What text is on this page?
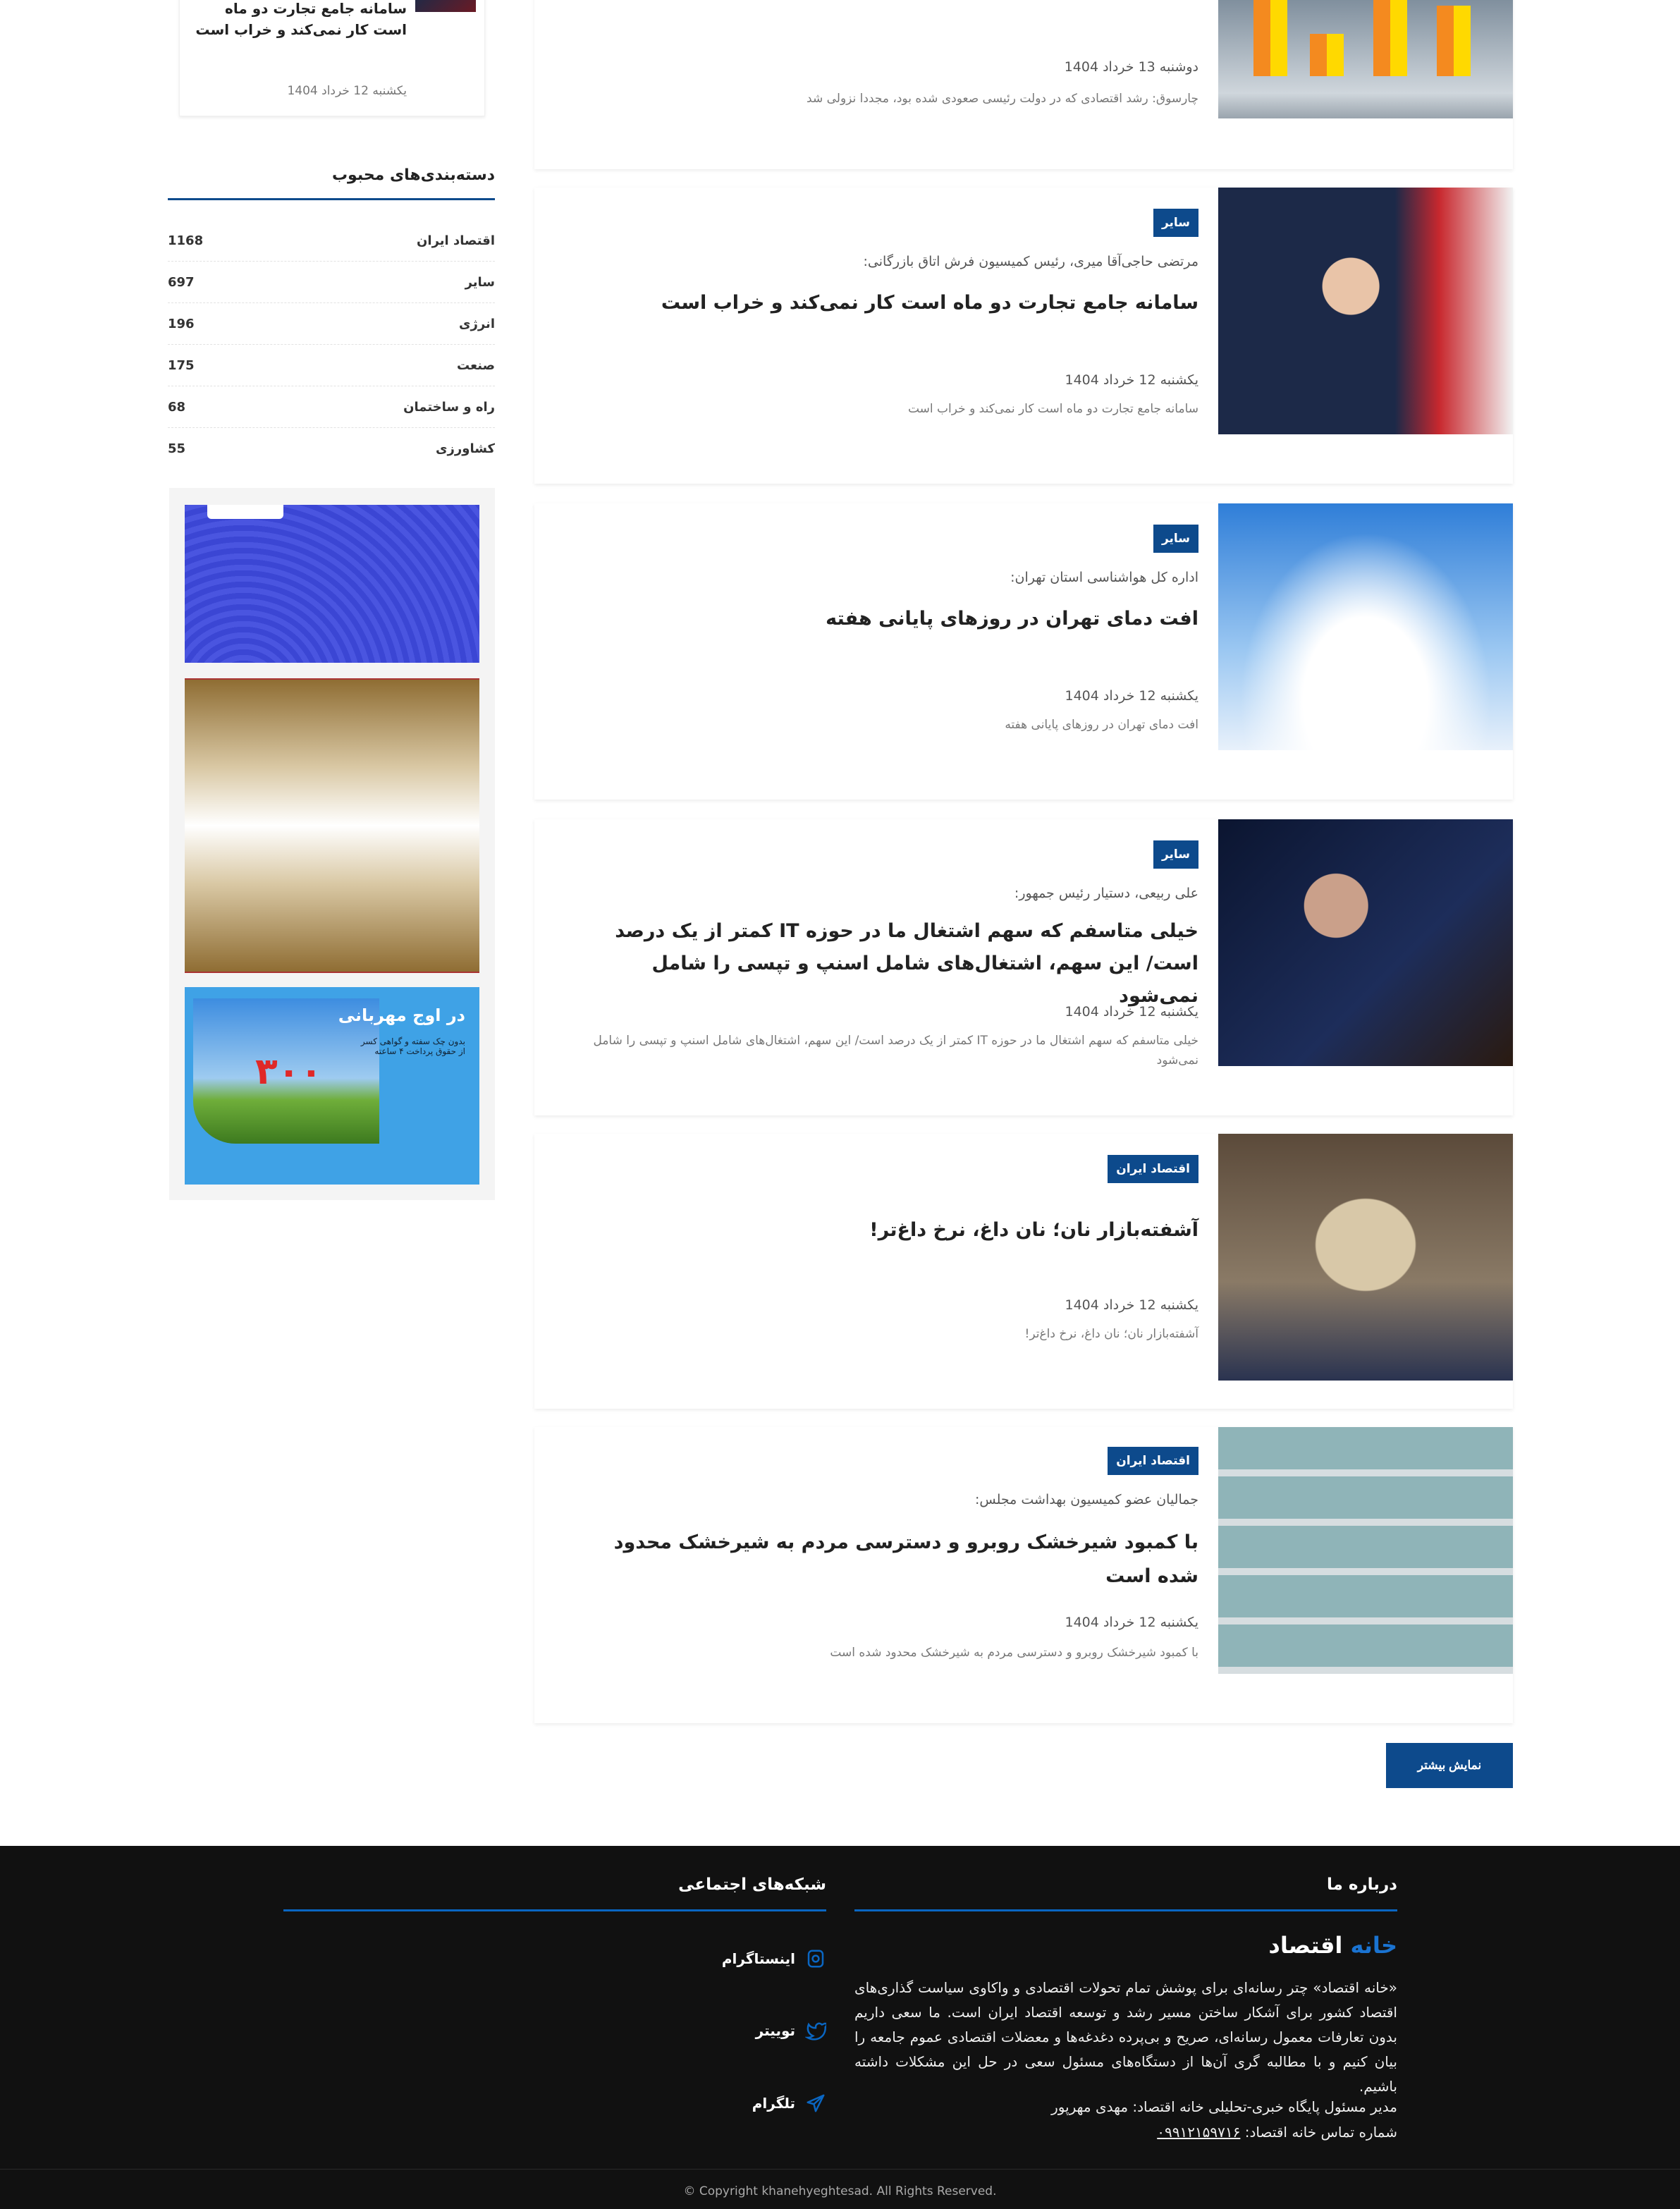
سامانه جامع تجارت دو ماه است کار نمی‌کند و خراب است
یکشنبه 12 خرداد 1404
دسته‌بندی‌های محبوب
اقتصاد ایران
1168
سایر
697
انرژی
196
صنعت
175
راه و ساختمان
68
کشاورزی
55
۳۰۰
در اوج مهربانی
بدون چک سفته و گواهی کسر از حقوق پرداخت ۴ ساعته
دوشنبه 13 خرداد 1404
چارسوق: رشد اقتصادی که در دولت رئیسی صعودی شده بود، مجددا نزولی شد
سایر
مرتضی حاجی‌آقا میری، رئیس کمیسیون فرش اتاق بازرگانی:
سامانه جامع تجارت دو ماه است کار نمی‌کند و خراب است
یکشنبه 12 خرداد 1404
سامانه جامع تجارت دو ماه است کار نمی‌کند و خراب است
سایر
اداره کل هواشناسی استان تهران:
افت دمای تهران در روزهای پایانی هفته
یکشنبه 12 خرداد 1404
افت دمای تهران در روزهای پایانی هفته
سایر
علی ربیعی، دستیار رئیس جمهور:
خیلی متاسفم که سهم اشتغال ما در حوزه IT کمتر از یک درصد است/ این سهم، اشتغال‌های شامل اسنپ و تپسی را شامل نمی‌شود
یکشنبه 12 خرداد 1404
خیلی متاسفم که سهم اشتغال ما در حوزه IT کمتر از یک درصد است/ این سهم، اشتغال‌های شامل اسنپ و تپسی را شامل نمی‌شود
اقتصاد ایران
آشفته‌بازار نان؛ نان داغ، نرخ داغ‌تر!
یکشنبه 12 خرداد 1404
آشفته‌بازار نان؛ نان داغ، نرخ داغ‌تر!
اقتصاد ایران
جمالیان عضو کمیسیون بهداشت مجلس:
با کمبود شیرخشک روبرو و دسترسی مردم به شیرخشک محدود شده است
یکشنبه 12 خرداد 1404
با کمبود شیرخشک روبرو و دسترسی مردم به شیرخشک محدود شده است
نمایش بیشتر
درباره ما
خانه اقتصاد
«خانه اقتصاد» چتر رسانه‌ای برای پوشش تمام تحولات اقتصادی و واکاوی سیاست گذاری‌های اقتصاد کشور برای آشکار ساختن مسیر رشد و توسعه اقتصاد ایران است. ما سعی داریم بدون تعارفات معمول رسانه‌ای، صریح و بی‌پرده دغدغه‌ها و معضلات اقتصادی عموم جامعه را بیان کنیم و با مطالبه گری آن‌ها از دستگاه‌های مسئول سعی در حل این مشکلات داشته باشیم.
مدیر مسئول پایگاه خبری-تحلیلی خانه اقتصاد: مهدی مهرپور
شماره تماس خانه اقتصاد: ۰۹۹۱۲۱۵۹۷۱۶
شبکه‌های اجتماعی
اینستاگرام
توییتر
تلگرام
© Copyright khanehyeghtesad. All Rights Reserved.
